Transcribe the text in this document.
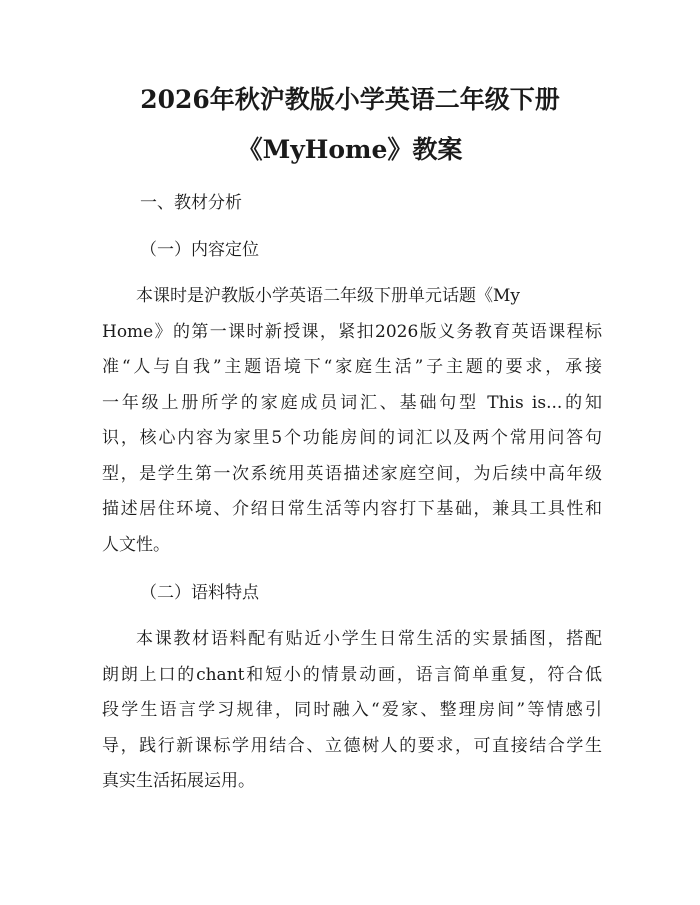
2026年秋沪教版小学英语二年级下册
《MyHome》教案
一、教材分析
（一）内容定位
本课时是沪教版小学英语二年级下册单元话题《My
Home》的第一课时新授课，紧扣2026版义务教育英语课程标
准“人与自我”主题语境下“家庭生活”子主题的要求，承接
一年级上册所学的家庭成员词汇、基础句型 This is...的知
识，核心内容为家里5个功能房间的词汇以及两个常用问答句
型，是学生第一次系统用英语描述家庭空间，为后续中高年级
描述居住环境、介绍日常生活等内容打下基础，兼具工具性和
人文性。
（二）语料特点
本课教材语料配有贴近小学生日常生活的实景插图，搭配
朗朗上口的chant和短小的情景动画，语言简单重复，符合低
段学生语言学习规律，同时融入“爱家、整理房间”等情感引
导，践行新课标学用结合、立德树人的要求，可直接结合学生
真实生活拓展运用。
